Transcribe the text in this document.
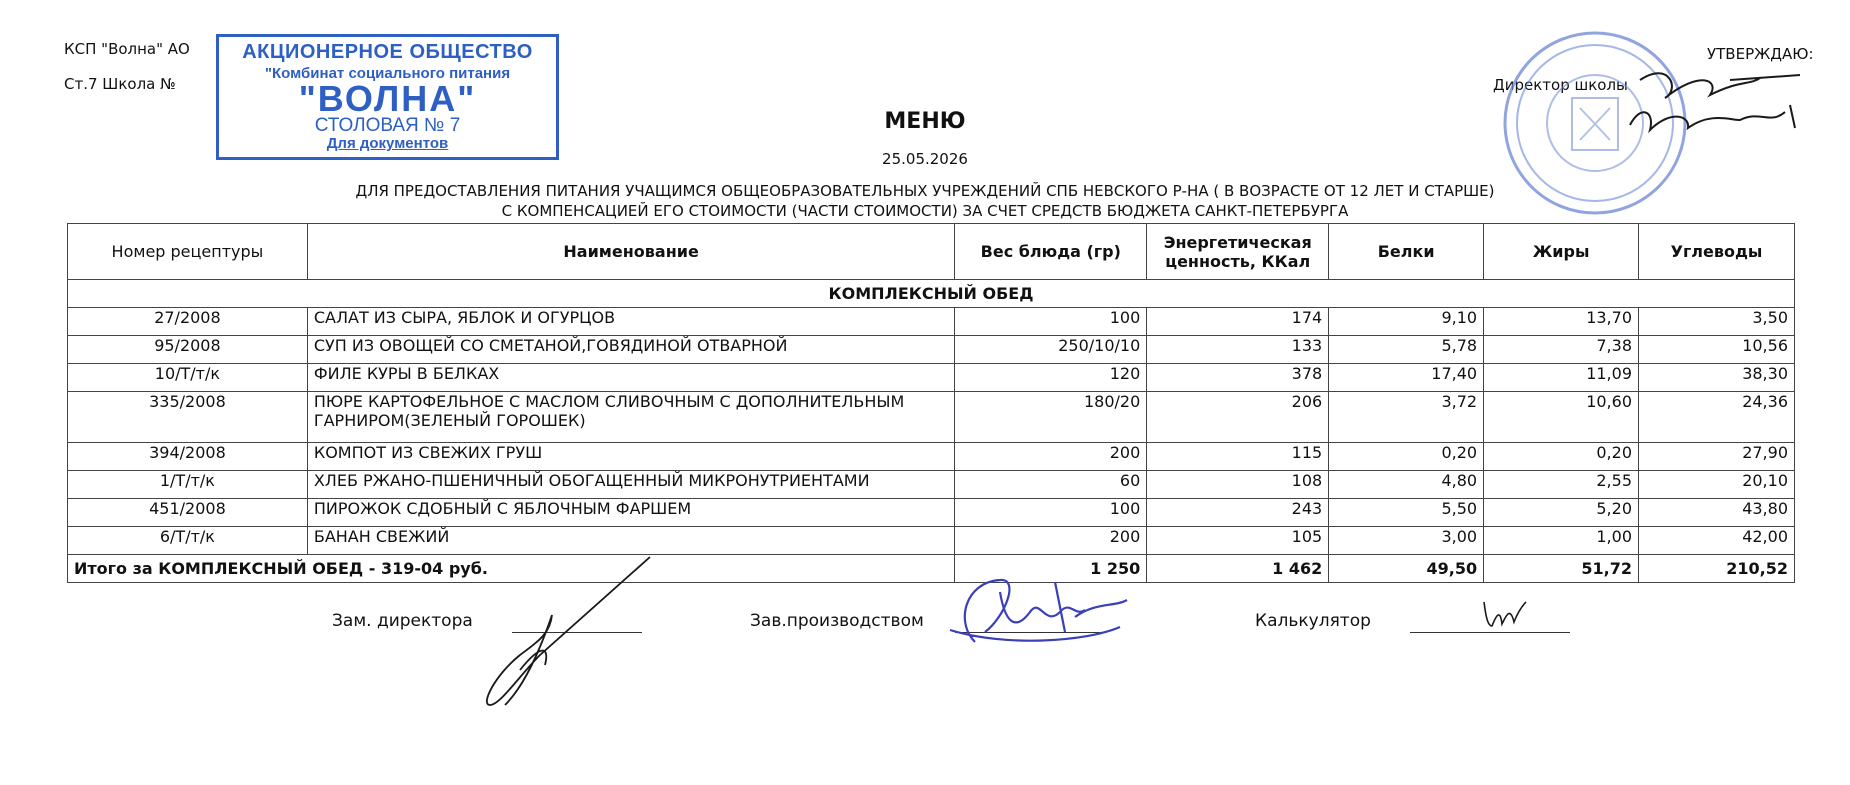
КСП "Волна" АО
Ст.7 Школа №
АКЦИОНЕРНОЕ ОБЩЕСТВО
"Комбинат социального питания
"ВОЛНА"
СТОЛОВАЯ № 7
Для документов
УТВЕРЖДАЮ:
Директор школы
МЕНЮ
25.05.2026
ДЛЯ ПРЕДОСТАВЛЕНИЯ ПИТАНИЯ УЧАЩИМСЯ ОБЩЕОБРАЗОВАТЕЛЬНЫХ УЧРЕЖДЕНИЙ СПБ НЕВСКОГО Р-НА ( В ВОЗРАСТЕ ОТ 12 ЛЕТ И СТАРШЕ)
С КОМПЕНСАЦИЕЙ ЕГО СТОИМОСТИ (ЧАСТИ СТОИМОСТИ) ЗА СЧЕТ СРЕДСТВ БЮДЖЕТА САНКТ-ПЕТЕРБУРГА
Номер рецептуры	Наименование	Вес блюда (гр)	Энергетическая ценность, ККал	Белки	Жиры	Углеводы
КОМПЛЕКСНЫЙ ОБЕД						
27/2008	САЛАТ ИЗ СЫРА, ЯБЛОК И ОГУРЦОВ	100	174	9,10	13,70	3,50
95/2008	СУП ИЗ ОВОЩЕЙ СО СМЕТАНОЙ,ГОВЯДИНОЙ ОТВАРНОЙ	250/10/10	133	5,78	7,38	10,56
10/Т/т/к	ФИЛЕ КУРЫ В БЕЛКАХ	120	378	17,40	11,09	38,30
335/2008	ПЮРЕ КАРТОФЕЛЬНОЕ С МАСЛОМ СЛИВОЧНЫМ С ДОПОЛНИТЕЛЬНЫМ ГАРНИРОМ(ЗЕЛЕНЫЙ ГОРОШЕК)	180/20	206	3,72	10,60	24,36
394/2008	КОМПОТ ИЗ СВЕЖИХ ГРУШ	200	115	0,20	0,20	27,90
1/Т/т/к	ХЛЕБ РЖАНО-ПШЕНИЧНЫЙ ОБОГАЩЕННЫЙ МИКРОНУТРИЕНТАМИ	60	108	4,80	2,55	20,10
451/2008	ПИРОЖОК СДОБНЫЙ С ЯБЛОЧНЫМ ФАРШЕМ	100	243	5,50	5,20	43,80
6/Т/т/к	БАНАН СВЕЖИЙ	200	105	3,00	1,00	42,00
Итого за КОМПЛЕКСНЫЙ ОБЕД - 319-04 руб.		1 250	1 462	49,50	51,72	210,52
Зам. директора	Зав.производством	Калькулятор
